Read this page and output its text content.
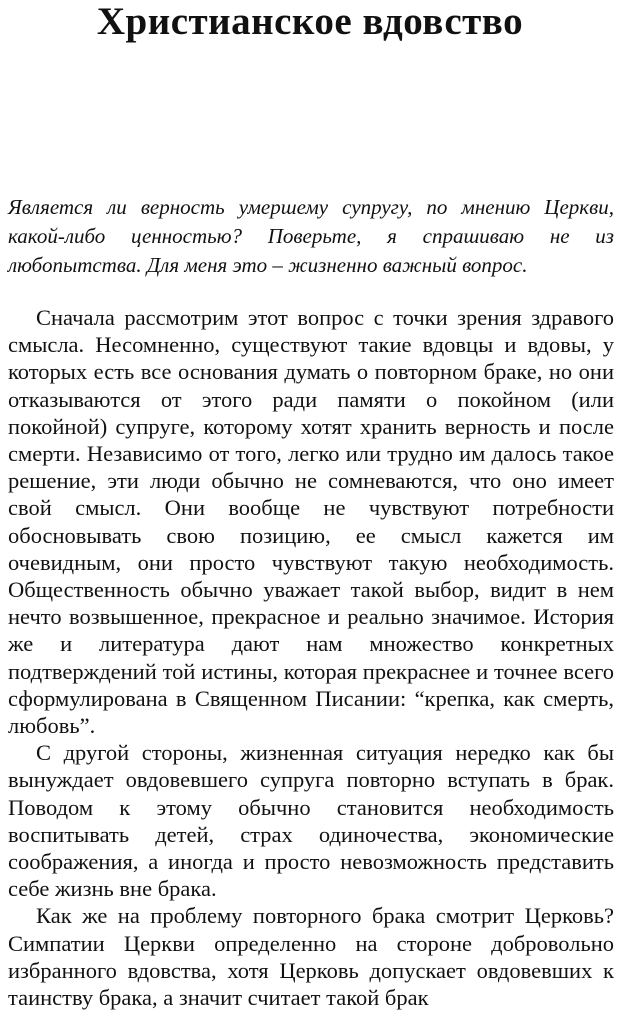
Христианское вдовство

Является ли верность умершему супругу, по мнению Церкви, какой-либо ценностью? Поверьте, я спрашиваю не из любопытства. Для меня это – жизненно важный вопрос.

Сначала рассмотрим этот вопрос с точки зрения здравого смысла. Несомненно, существуют такие вдовцы и вдовы, у которых есть все основания думать о повторном браке, но они отказываются от этого ради памяти о покойном (или покойной) супруге, которому хотят хранить верность и после смерти. Независимо от того, легко или трудно им далось такое решение, эти люди обычно не сомневаются, что оно имеет свой смысл. Они вообще не чувствуют потребности обосновывать свою позицию, ее смысл кажется им очевидным, они просто чувствуют такую необходимость. Общественность обычно уважает такой выбор, видит в нем нечто возвышенное, прекрасное и реально значимое. История же и литература дают нам множество конкретных подтверждений той истины, которая прекраснее и точнее всего сформулирована в Священном Писании: “крепка, как смерть, любовь”.

С другой стороны, жизненная ситуация нередко как бы вынуждает овдовевшего супруга повторно вступать в брак. Поводом к этому обычно становится необходимость воспитывать детей, страх одиночества, экономические соображения, а иногда и просто невозможность представить себе жизнь вне брака.

Как же на проблему повторного брака смотрит Церковь? Симпатии Церкви определенно на стороне добровольно избранного вдовства, хотя Церковь допускает овдовевших к таинству брака, а значит считает такой брак
